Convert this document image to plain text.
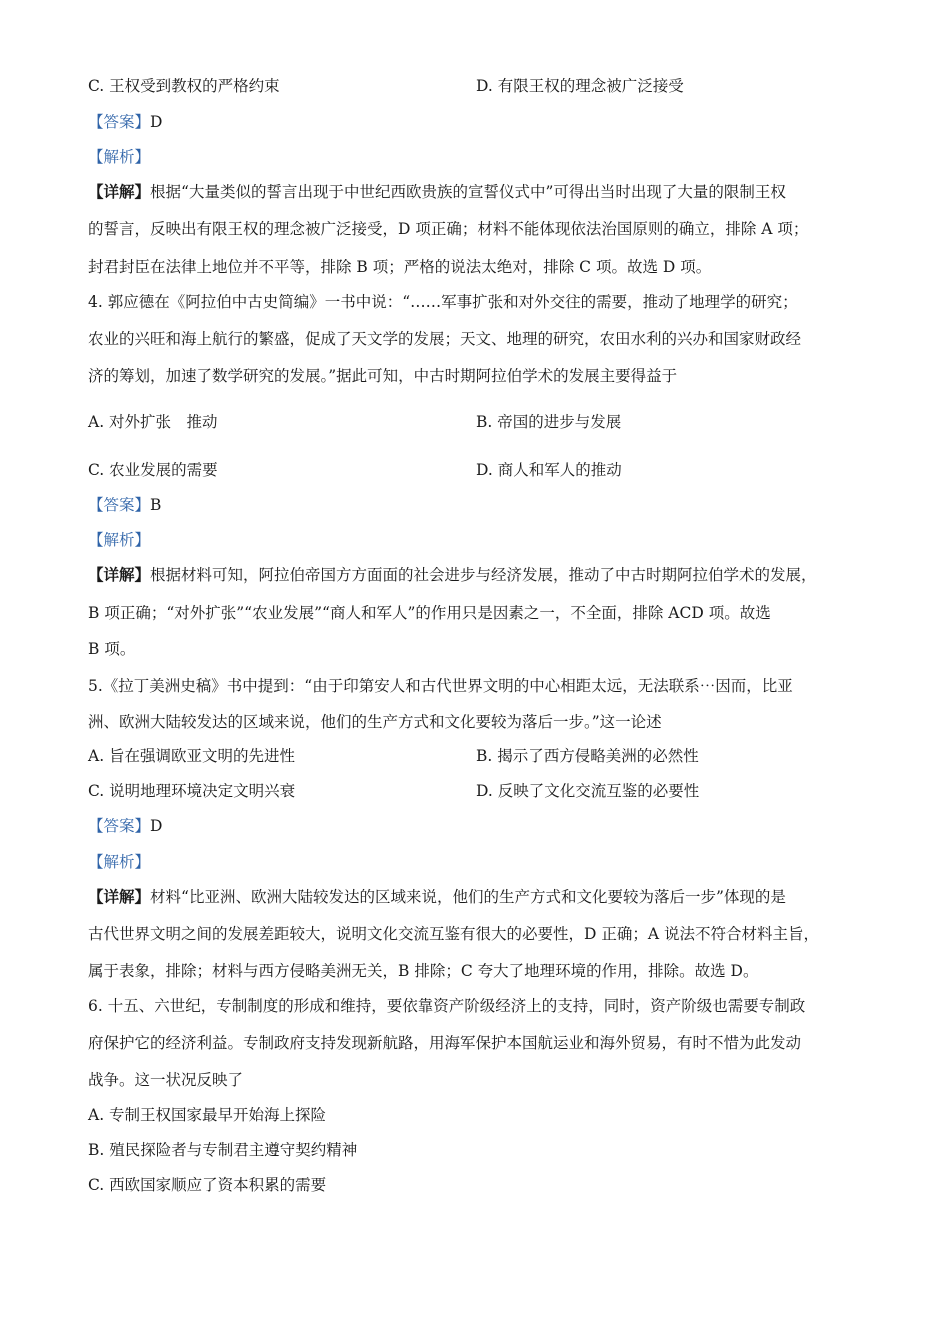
C. 王权受到教权的严格约束	D. 有限王权的理念被广泛接受
【答案】D
【解析】
【详解】根据“大量类似的誓言出现于中世纪西欧贵族的宣誓仪式中”可得出当时出现了大量的限制王权
的誓言，反映出有限王权的理念被广泛接受，D 项正确；材料不能体现依法治国原则的确立，排除 A 项；
封君封臣在法律上地位并不平等，排除 B 项；严格的说法太绝对，排除 C 项。故选 D 项。
4. 郭应德在《阿拉伯中古史简编》一书中说：“……军事扩张和对外交往的需要，推动了地理学的研究；
农业的兴旺和海上航行的繁盛，促成了天文学的发展；天文、地理的研究，农田水利的兴办和国家财政经
济的筹划，加速了数学研究的发展。”据此可知，中古时期阿拉伯学术的发展主要得益于
A. 对外扩张　推动	B. 帝国的进步与发展
C. 农业发展的需要	D. 商人和军人的推动
【答案】B
【解析】
【详解】根据材料可知，阿拉伯帝国方方面面的社会进步与经济发展，推动了中古时期阿拉伯学术的发展，
B 项正确；“对外扩张”“农业发展”“商人和军人”的作用只是因素之一，不全面，排除 ACD 项。故选
B 项。
5.《拉丁美洲史稿》书中提到：“由于印第安人和古代世界文明的中心相距太远，无法联系⋯因而，比亚
洲、欧洲大陆较发达的区域来说，他们的生产方式和文化要较为落后一步。”这一论述
A. 旨在强调欧亚文明的先进性	B. 揭示了西方侵略美洲的必然性
C. 说明地理环境决定文明兴衰	D. 反映了文化交流互鉴的必要性
【答案】D
【解析】
【详解】材料“比亚洲、欧洲大陆较发达的区域来说，他们的生产方式和文化要较为落后一步”体现的是
古代世界文明之间的发展差距较大，说明文化交流互鉴有很大的必要性，D 正确；A 说法不符合材料主旨，
属于表象，排除；材料与西方侵略美洲无关，B 排除；C 夸大了地理环境的作用，排除。故选 D。
6. 十五、六世纪，专制制度的形成和维持，要依靠资产阶级经济上的支持，同时，资产阶级也需要专制政
府保护它的经济利益。专制政府支持发现新航路，用海军保护本国航运业和海外贸易，有时不惜为此发动
战争。这一状况反映了
A. 专制王权国家最早开始海上探险
B. 殖民探险者与专制君主遵守契约精神
C. 西欧国家顺应了资本积累的需要
